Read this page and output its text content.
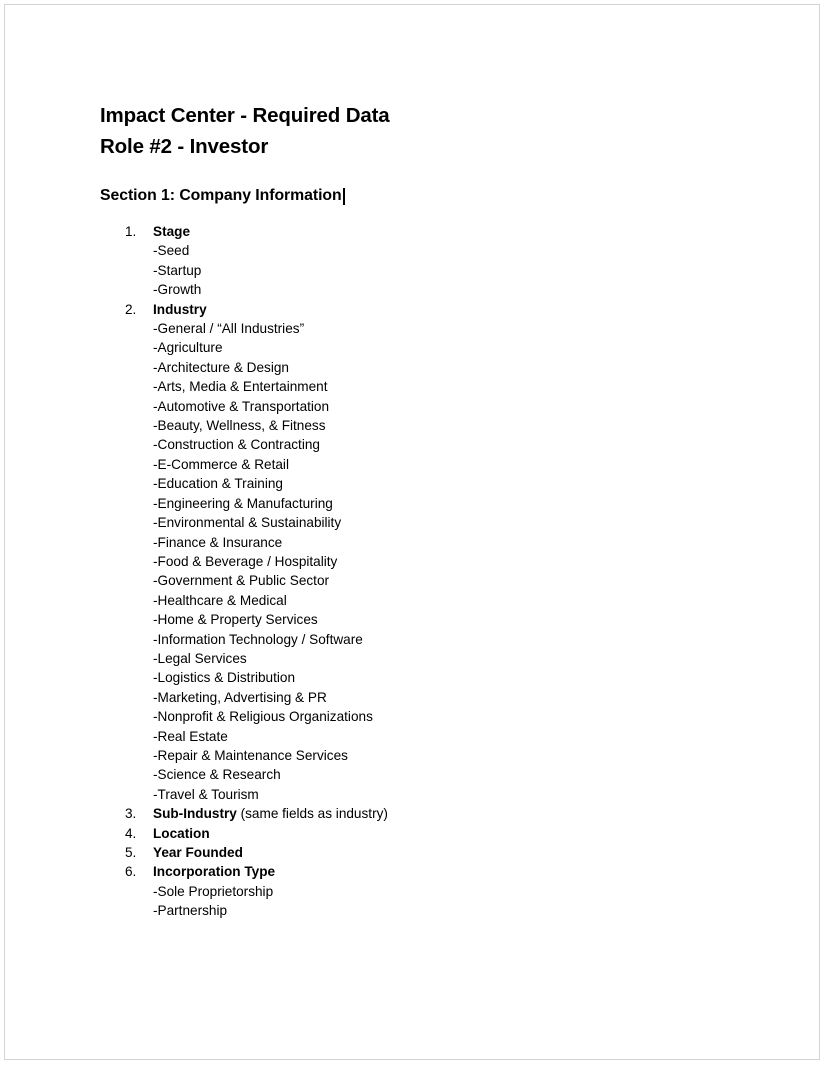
Impact Center - Required Data
Role #2 - Investor
Section 1: Company Information
1.	Stage
-Seed
-Startup
-Growth
2.	Industry
-General / “All Industries”
-Agriculture
-Architecture & Design
-Arts, Media & Entertainment
-Automotive & Transportation
-Beauty, Wellness, & Fitness
-Construction & Contracting
-E-Commerce & Retail
-Education & Training
-Engineering & Manufacturing
-Environmental & Sustainability
-Finance & Insurance
-Food & Beverage / Hospitality
-Government & Public Sector
-Healthcare & Medical
-Home & Property Services
-Information Technology / Software
-Legal Services
-Logistics & Distribution
-Marketing, Advertising & PR
-Nonprofit & Religious Organizations
-Real Estate
-Repair & Maintenance Services
-Science & Research
-Travel & Tourism
3.	Sub-Industry (same fields as industry)
4.	Location
5.	Year Founded
6.	Incorporation Type
-Sole Proprietorship
-Partnership
